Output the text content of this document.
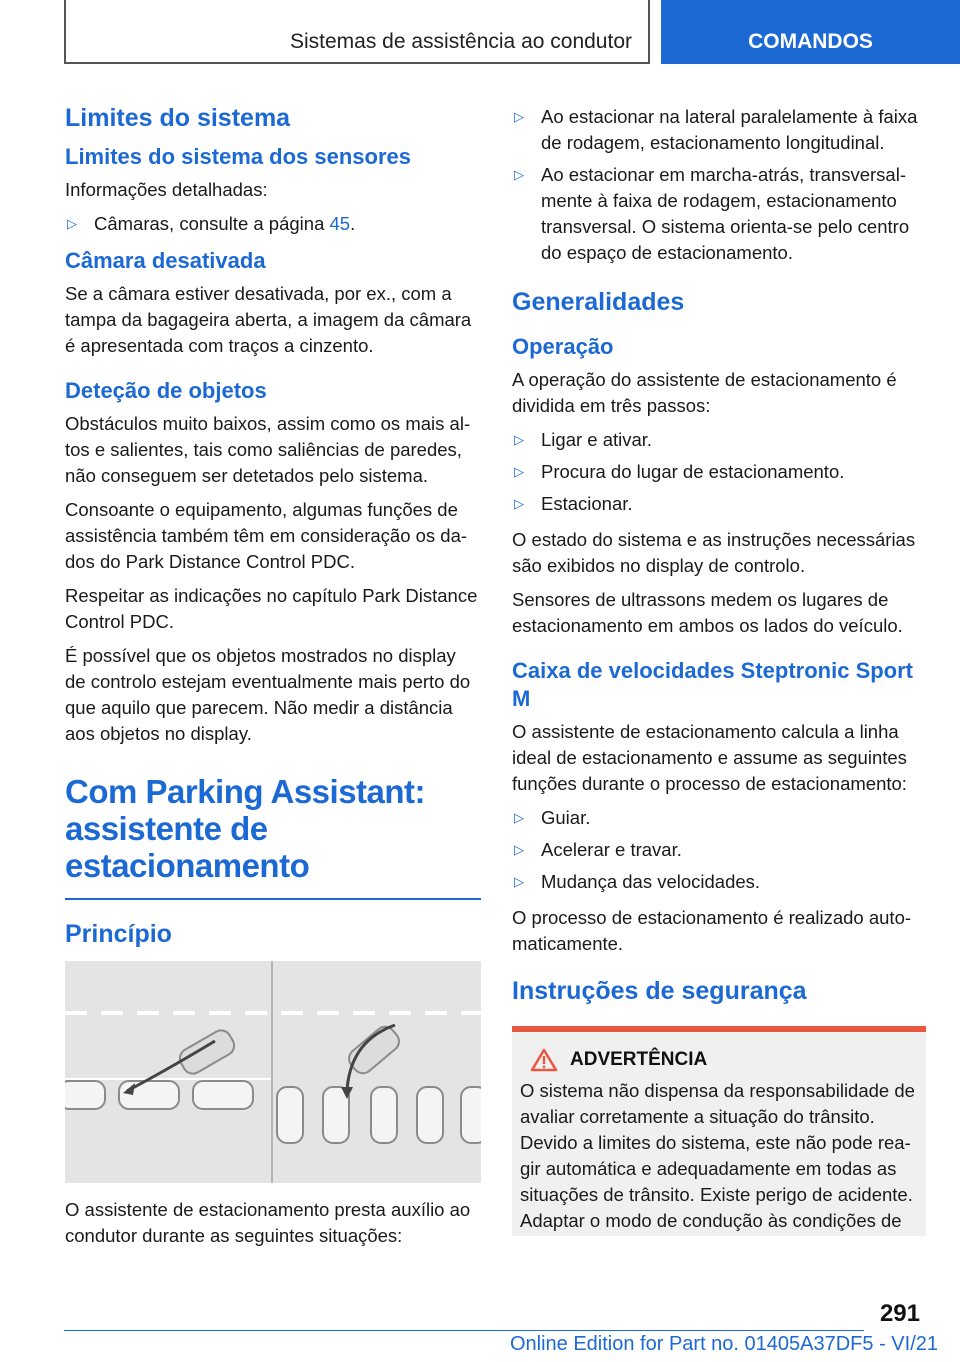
Sistemas de assistência ao condutor	COMANDOS
Limites do sistema
Limites do sistema dos sensores

Informações detalhadas:

▷ Câmaras, consulte a página 45.
Câmara desativada

Se a câmara estiver desativada, por ex., com a tampa da bagageira aberta, a imagem da câmara é apresentada com traços a cinzento.

Deteção de objetos

Obstáculos muito baixos, assim como os mais altos e salientes, tais como saliências de paredes, não conseguem ser detetados pelo sistema.

Consoante o equipamento, algumas funções de assistência também têm em consideração os dados do Park Distance Control PDC.

Respeitar as indicações no capítulo Park Distance Control PDC.

É possível que os objetos mostrados no display de controlo estejam eventualmente mais perto do que aquilo que parecem. Não medir a distância aos objetos no display.

Com Parking Assistant: assistente de estacionamento
Princípio

O assistente de estacionamento presta auxílio ao condutor durante as seguintes situações:

▷ Ao estacionar na lateral paralelamente à faixa de rodagem, estacionamento longitudinal.
▷ Ao estacionar em marcha-atrás, transversalmente à faixa de rodagem, estacionamento transversal. O sistema orienta-se pelo centro do espaço de estacionamento.
Generalidades
Operação

A operação do assistente de estacionamento é dividida em três passos:

▷ Ligar e ativar.
▷ Procura do lugar de estacionamento.
▷ Estacionar.

O estado do sistema e as instruções necessárias são exibidos no display de controlo.

Sensores de ultrassons medem os lugares de estacionamento em ambos os lados do veículo.

Caixa de velocidades Steptronic Sport M

O assistente de estacionamento calcula a linha ideal de estacionamento e assume as seguintes funções durante o processo de estacionamento:

▷ Guiar.
▷ Acelerar e travar.
▷ Mudança das velocidades.

O processo de estacionamento é realizado automaticamente.

Instruções de segurança
ADVERTÊNCIA

O sistema não dispensa da responsabilidade de avaliar corretamente a situação do trânsito. Devido a limites do sistema, este não pode reagir automática e adequadamente em todas as situações de trânsito. Existe perigo de acidente. Adaptar o modo de condução às condições de

291
Online Edition for Part no. 01405A37DF5 - VI/21
